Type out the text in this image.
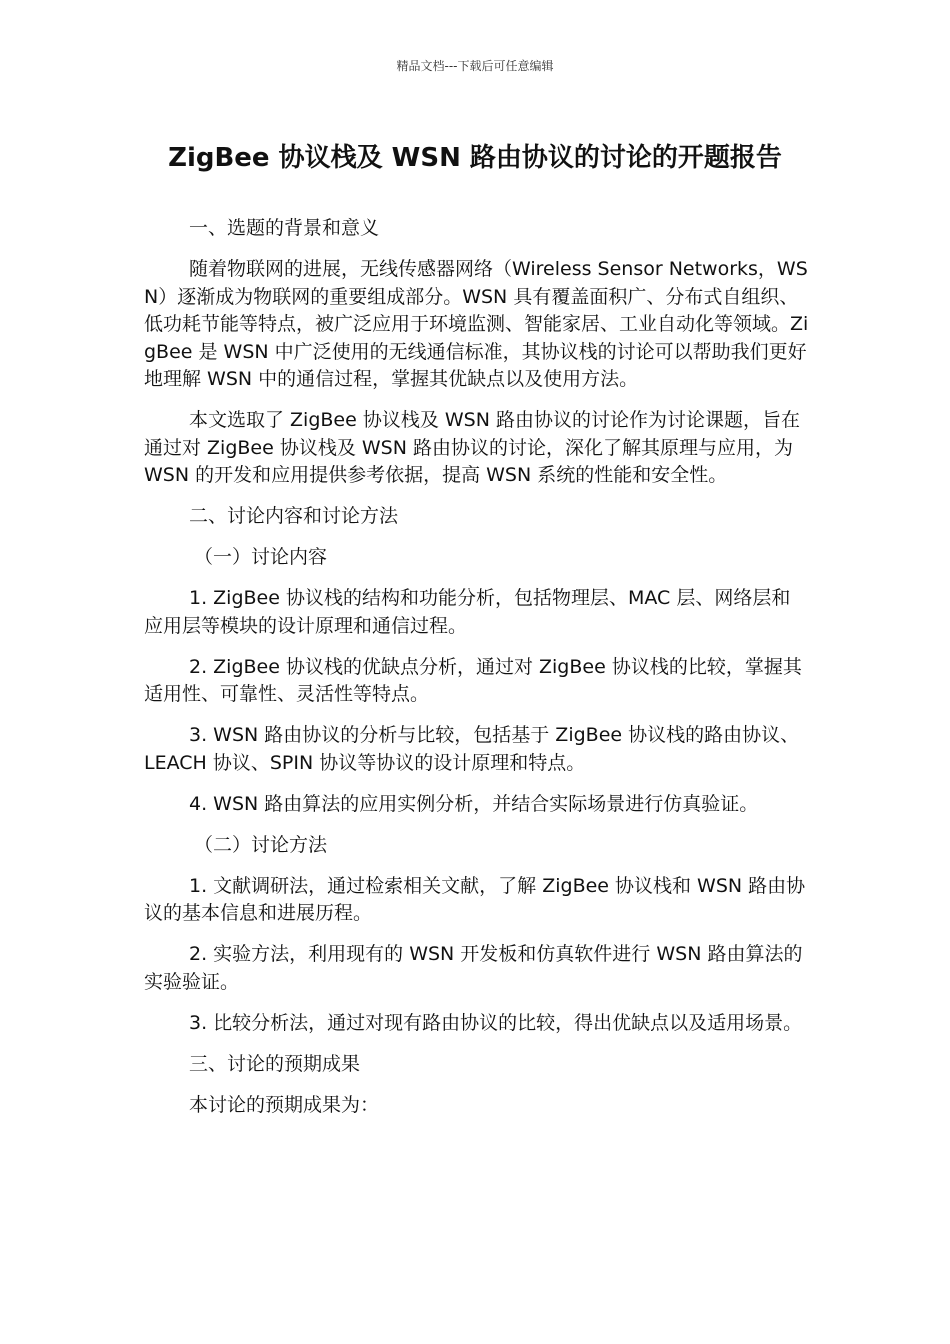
精品文档---下载后可任意编辑
ZigBee 协议栈及 WSN 路由协议的讨论的开题报告

一、选题的背景和意义

随着物联网的进展，无线传感器网络（Wireless Sensor Networks，WSN）逐渐成为物联网的重要组成部分。WSN 具有覆盖面积广、分布式自组织、低功耗节能等特点，被广泛应用于环境监测、智能家居、工业自动化等领域。ZigBee 是 WSN 中广泛使用的无线通信标准，其协议栈的讨论可以帮助我们更好地理解 WSN 中的通信过程，掌握其优缺点以及使用方法。

本文选取了 ZigBee 协议栈及 WSN 路由协议的讨论作为讨论课题，旨在通过对 ZigBee 协议栈及 WSN 路由协议的讨论，深化了解其原理与应用，为 WSN 的开发和应用提供参考依据，提高 WSN 系统的性能和安全性。

二、讨论内容和讨论方法

（一）讨论内容

1. ZigBee 协议栈的结构和功能分析，包括物理层、MAC 层、网络层和应用层等模块的设计原理和通信过程。

2. ZigBee 协议栈的优缺点分析，通过对 ZigBee 协议栈的比较，掌握其适用性、可靠性、灵活性等特点。

3. WSN 路由协议的分析与比较，包括基于 ZigBee 协议栈的路由协议、LEACH 协议、SPIN 协议等协议的设计原理和特点。

4. WSN 路由算法的应用实例分析，并结合实际场景进行仿真验证。

（二）讨论方法

1. 文献调研法，通过检索相关文献，了解 ZigBee 协议栈和 WSN 路由协议的基本信息和进展历程。

2. 实验方法，利用现有的 WSN 开发板和仿真软件进行 WSN 路由算法的实验验证。

3. 比较分析法，通过对现有路由协议的比较，得出优缺点以及适用场景。

三、讨论的预期成果

本讨论的预期成果为：
